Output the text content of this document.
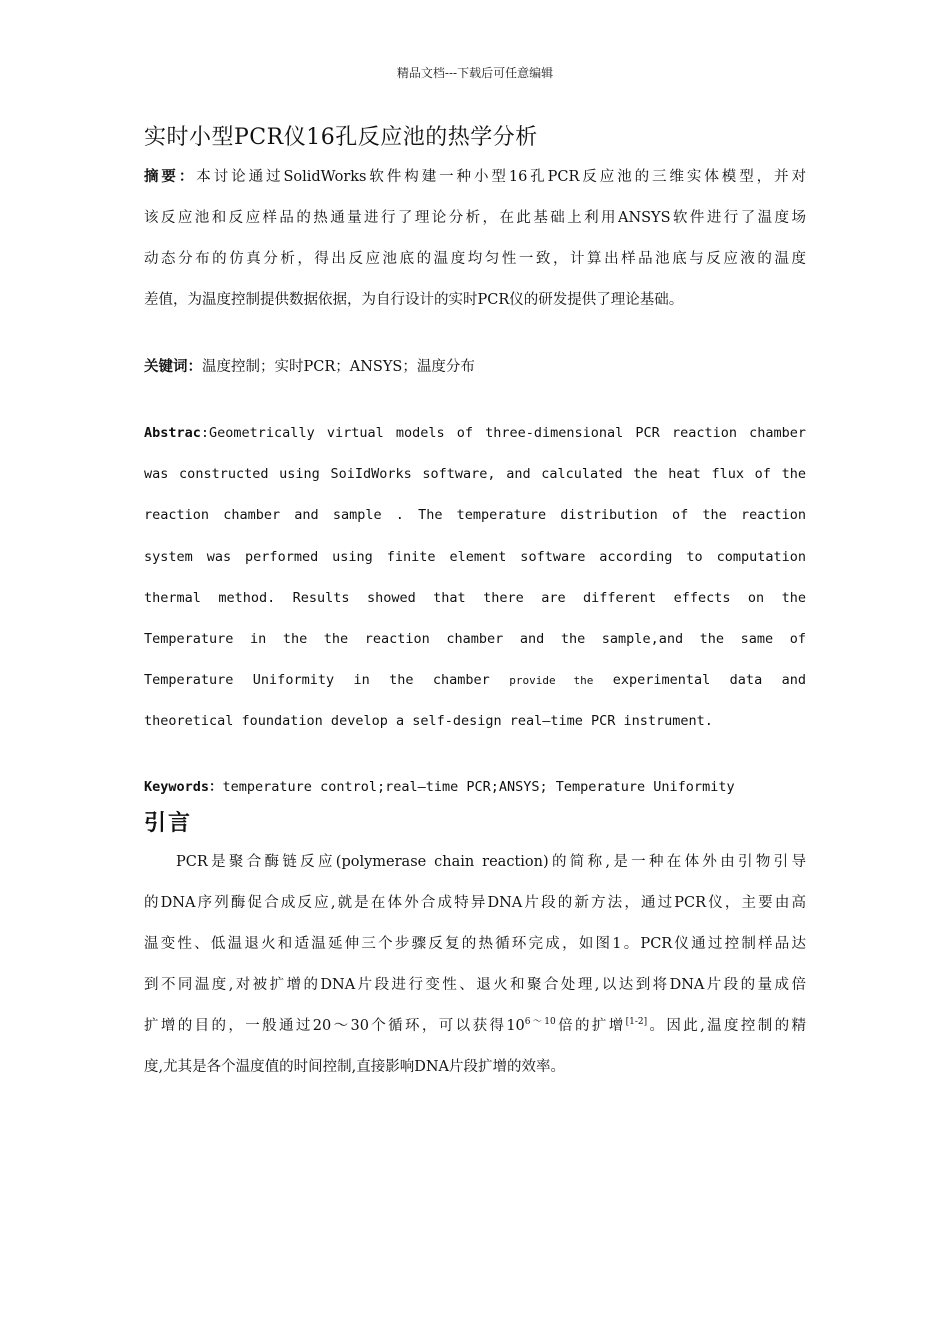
精品文档---下载后可任意编辑
实时小型PCR仪16孔反应池的热学分析
摘要：本讨论通过SolidWorks软件构建一种小型16孔PCR反应池的三维实体模型，并对
该反应池和反应样品的热通量进行了理论分析，在此基础上利用ANSYS软件进行了温度场
动态分布的仿真分析，得出反应池底的温度均匀性一致，计算出样品池底与反应液的温度
差值，为温度控制提供数据依据，为自行设计的实时PCR仪的研发提供了理论基础。
关键词：温度控制；实时PCR；ANSYS；温度分布
Abstrac:Geometrically virtual models of three-dimensional PCR reaction chamber
was constructed using SoiIdWorks software, and calculated the heat flux of the
reaction chamber and sample . The temperature distribution of the reaction
system was performed using finite element software according to computation
thermal method. Results showed that there are different effects on the
Temperature in the the reaction chamber and the sample,and the same of
Temperature Uniformity in the chamber provide the experimental data and
theoretical foundation develop a self-design real—time PCR instrument.
Keywords：temperature control;real—time PCR;ANSYS; Temperature Uniformity
引言
PCR是聚合酶链反应(polymerase chain reaction)的简称,是一种在体外由引物引导
的DNA序列酶促合成反应,就是在体外合成特异DNA片段的新方法，通过PCR仪，主要由高
温变性、低温退火和适温延伸三个步骤反复的热循环完成，如图1。PCR仪通过控制样品达
到不同温度,对被扩增的DNA片段进行变性、退火和聚合处理,以达到将DNA片段的量成倍
扩增的目的，一般通过20～30个循环，可以获得$10^{6\sim 10}$倍的扩增[1-2]。因此,温度控制的精
度,尤其是各个温度值的时间控制,直接影响DNA片段扩增的效率。
